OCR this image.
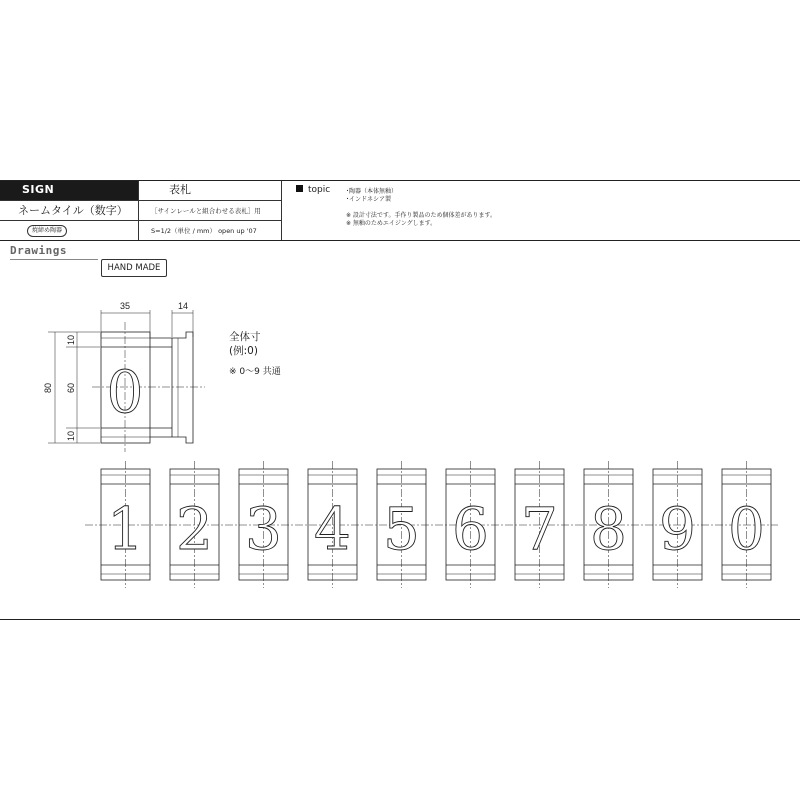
SIGN	表札
ネームタイル（数字）	［サインレールと組合わせる表札］用
焼締め陶器	S=1/2（単位 / mm） open up '07
topic	･陶器（本体無釉）
･インドネシア製
※ 設計寸法です。手作り製品のため個体差があります。
※ 無釉のためエイジングします。
Drawings
HAND MADE
全体寸
(例:0)
※ 0〜9 共通
35	14
80 60
10
10
0
1 2 3 4 5 6 7 8 9 0
